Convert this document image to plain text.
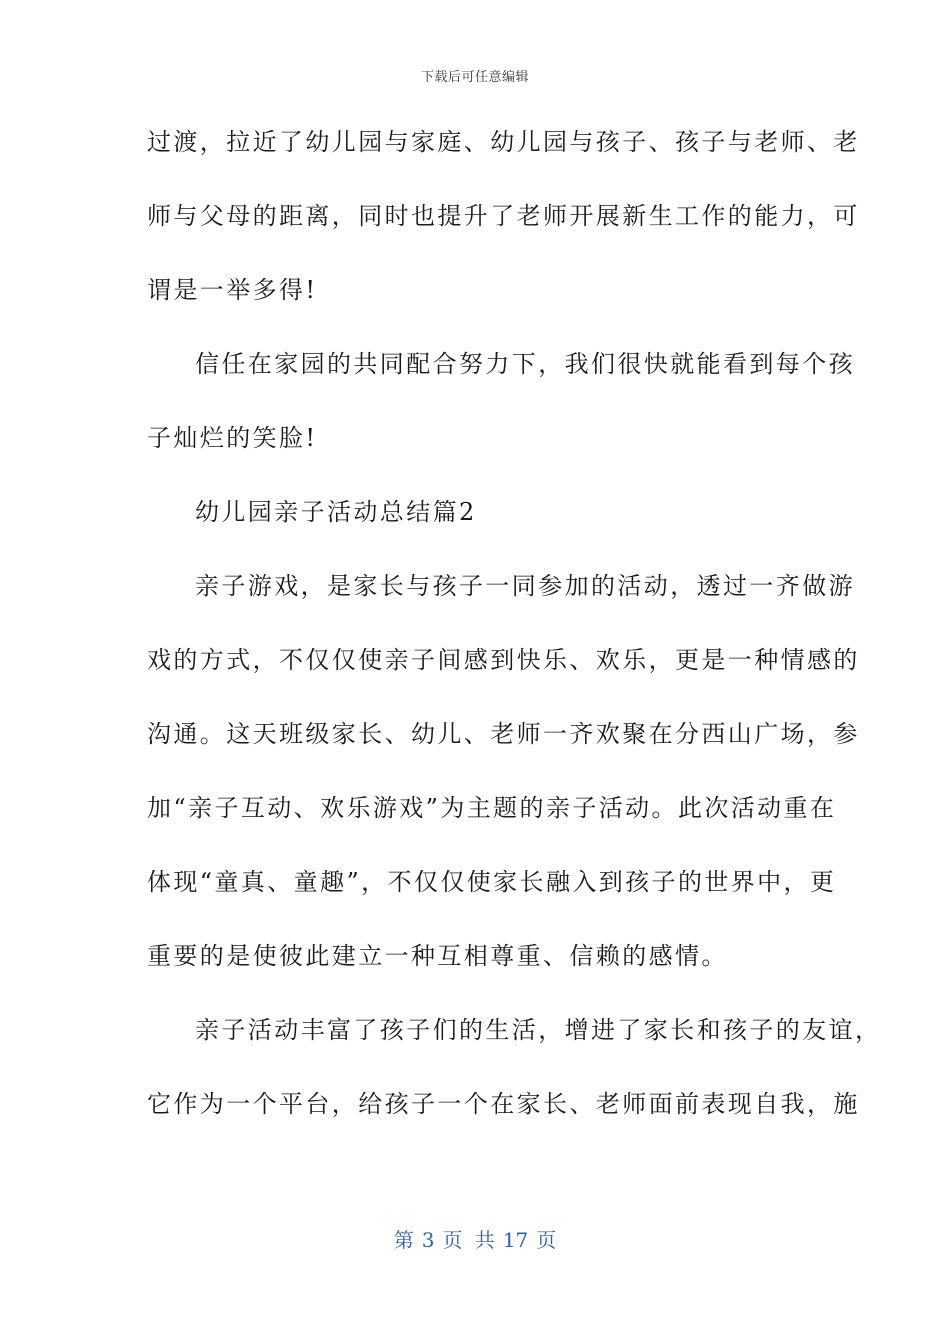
下载后可任意编辑
过渡，拉近了幼儿园与家庭、幼儿园与孩子、孩子与老师、老
师与父母的距离，同时也提升了老师开展新生工作的能力，可
谓是一举多得!
信任在家园的共同配合努力下，我们很快就能看到每个孩
子灿烂的笑脸!
幼儿园亲子活动总结篇2
亲子游戏，是家长与孩子一同参加的活动，透过一齐做游
戏的方式，不仅仅使亲子间感到快乐、欢乐，更是一种情感的
沟通。这天班级家长、幼儿、老师一齐欢聚在分西山广场，参
加“亲子互动、欢乐游戏”为主题的亲子活动。此次活动重在
体现“童真、童趣”，不仅仅使家长融入到孩子的世界中，更
重要的是使彼此建立一种互相尊重、信赖的感情。
亲子活动丰富了孩子们的生活，增进了家长和孩子的友谊，
它作为一个平台，给孩子一个在家长、老师面前表现自我，施
第 3 页 共 17 页
